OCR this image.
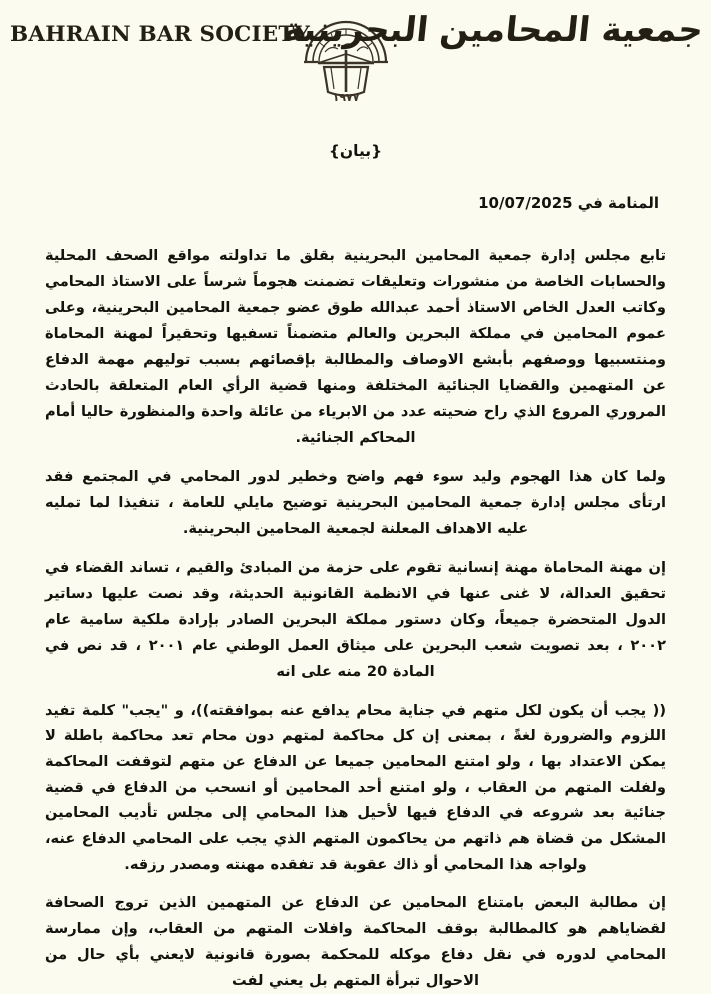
BAHRAIN BAR SOCIETY
١٩٧٧
جمعية المحامين البحرينية
{بيان}
المنامة في 10/07/2025

تابع مجلس إدارة جمعية المحامين البحرينية بقلق ما تداولته مواقع الصحف المحلية والحسابات الخاصة من منشورات وتعليقات تضمنت هجوماً شرساً على الاستاذ المحامي وكاتب العدل الخاص الاستاذ أحمد عبدالله طوق عضو جمعية المحامين البحرينية، وعلى عموم المحامين في مملكة البحرين والعالم متضمناً تسفيها وتحقيراً لمهنة المحاماة ومنتسبيها ووصفهم بأبشع الاوصاف والمطالبة بإقصائهم بسبب توليهم مهمة الدفاع عن المتهمين والقضايا الجنائية المختلفة ومنها قضية الرأي العام المتعلقة بالحادث المروري المروع الذي راح ضحيته عدد من الابرياء من عائلة واحدة والمنظورة حاليا أمام المحاكم الجنائية.

ولما كان هذا الهجوم وليد سوء فهم واضح وخطير لدور المحامي في المجتمع فقد ارتأى مجلس إدارة جمعية المحامين البحرينية توضيح مايلي للعامة ، تنفيذا لما تمليه عليه الاهداف المعلنة لجمعية المحامين البحرينية.

إن مهنة المحاماة مهنة إنسانية تقوم على حزمة من المبادئ والقيم ، تساند القضاء في تحقيق العدالة، لا غنى عنها في الانظمة القانونية الحديثة، وقد نصت عليها دساتير الدول المتحضرة جميعاً، وكان دستور مملكة البحرين الصادر بإرادة ملكية سامية عام ٢٠٠٢ ، بعد تصويت شعب البحرين على ميثاق العمل الوطني عام ٢٠٠١ ، قد نص في المادة 20 منه على انه

(( يجب أن يكون لكل متهم في جناية محام يدافع عنه بموافقته))، و "يجب" كلمة تفيد اللزوم والضرورة لغةً ، بمعنى إن كل محاكمة لمتهم دون محام تعد محاكمة باطلة لا يمكن الاعتداد بها ، ولو امتنع المحامين جميعا عن الدفاع عن متهم لتوقفت المحاكمة ولفلت المتهم من العقاب ، ولو امتنع أحد المحامين أو انسحب من الدفاع في قضية جنائية بعد شروعه في الدفاع فيها لأحيل هذا المحامي إلى مجلس تأديب المحامين المشكل من قضاة هم ذاتهم من يحاكمون المتهم الذي يجب على المحامي الدفاع عنه، ولواجه هذا المحامي أو ذاك عقوبة قد تفقده مهنته ومصدر رزقه.

إن مطالبة البعض بامتناع المحامين عن الدفاع عن المتهمين الذين تروج الصحافة لقضاياهم هو كالمطالبة بوقف المحاكمة وافلات المتهم من العقاب، وإن ممارسة المحامي لدوره في نقل دفاع موكله للمحكمة بصورة قانونية لايعني بأي حال من الاحوال تبرأة المتهم بل يعني لفت
